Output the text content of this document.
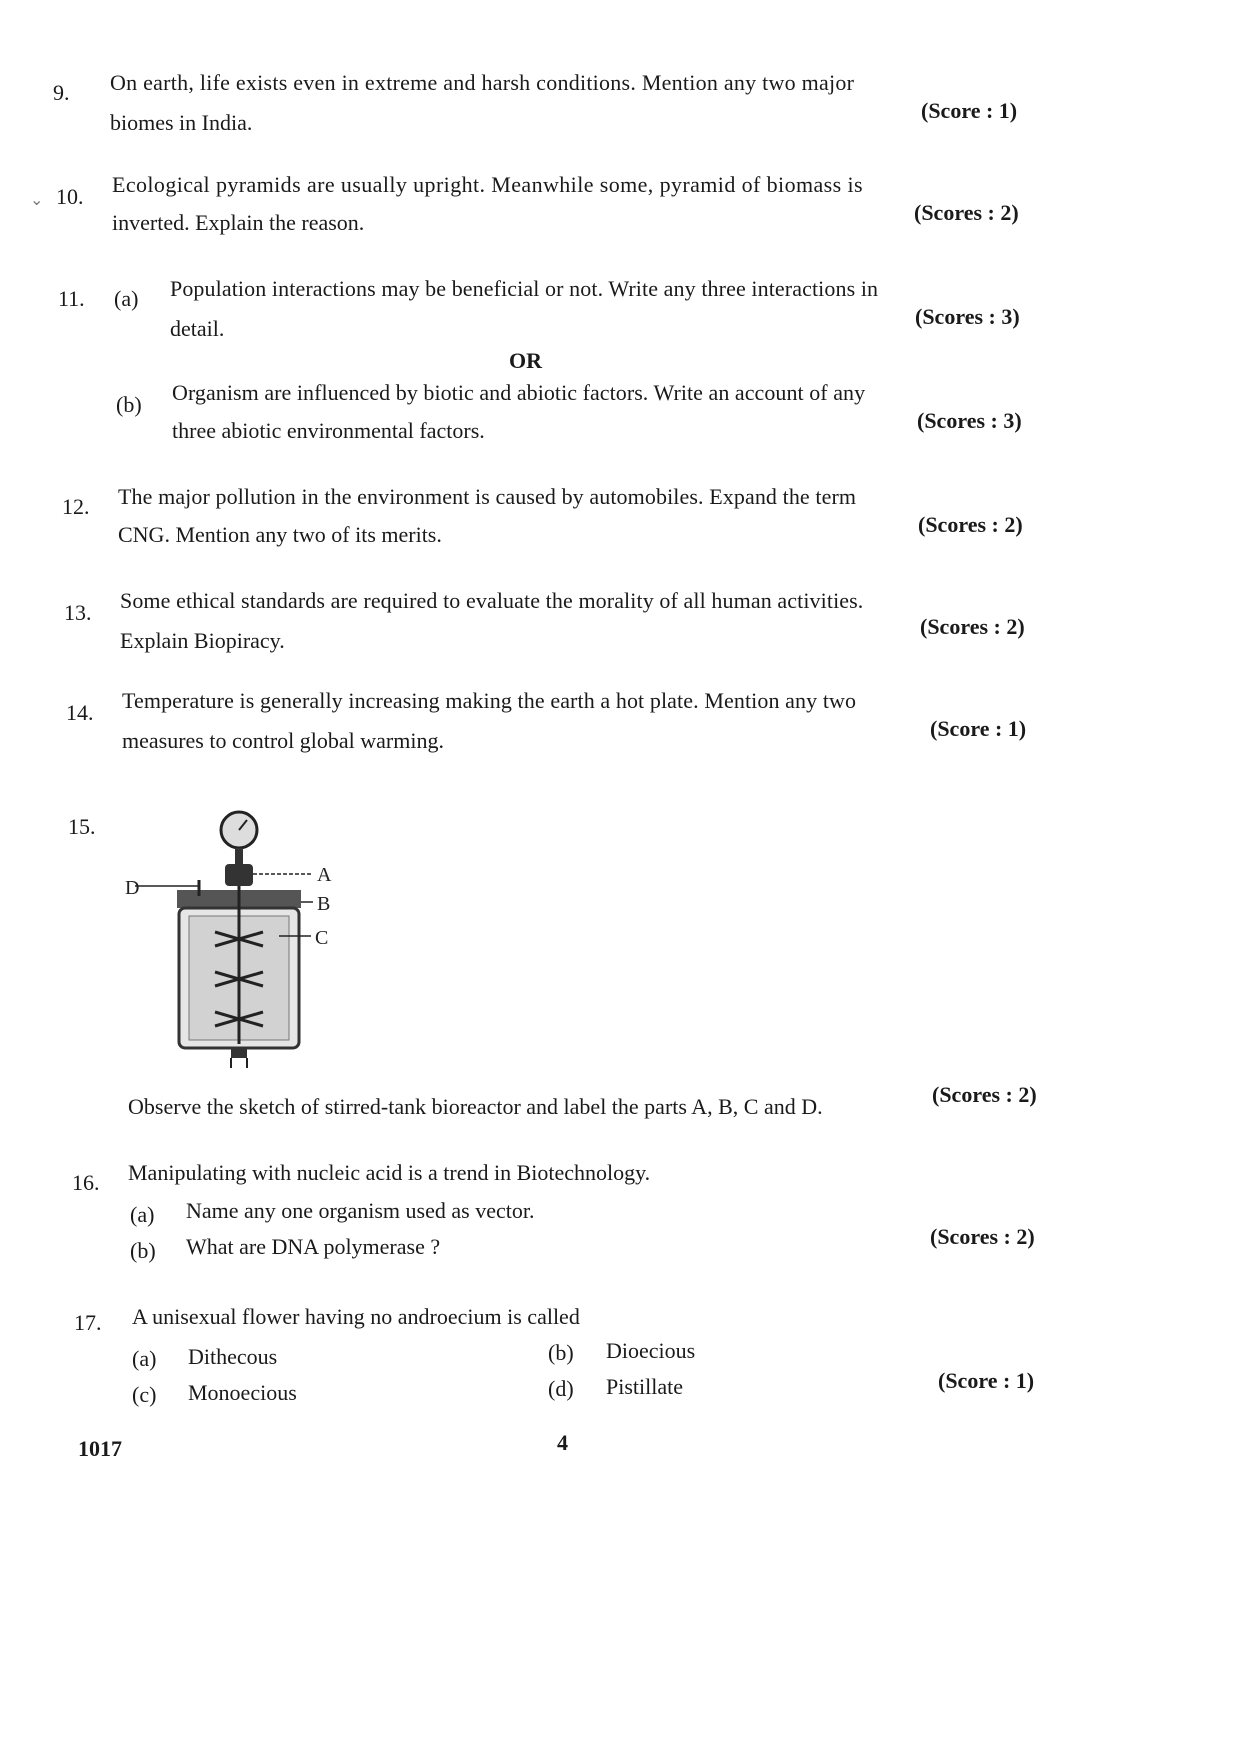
9. On earth, life exists even in extreme and harsh conditions. Mention any two major
biomes in India.	(Score : 1)
⌄ 10. Ecological pyramids are usually upright. Meanwhile some, pyramid of biomass is
inverted. Explain the reason.	(Scores : 2)
11. (a) Population interactions may be beneficial or not. Write any three interactions in
detail.	(Scores : 3)
OR
(b) Organism are influenced by biotic and abiotic factors. Write an account of any
three abiotic environmental factors.	(Scores : 3)
12. The major pollution in the environment is caused by automobiles. Expand the term
CNG. Mention any two of its merits.	(Scores : 2)
13. Some ethical standards are required to evaluate the morality of all human activities.
Explain Biopiracy.
(Scores : 2)
14. Temperature is generally increasing making the earth a hot plate. Mention any two
measures to control global warming.	(Score : 1)
15.
A
B
D
C
Observe the sketch of stirred-tank bioreactor and label the parts A, B, C and D.	(Scores : 2)
16. Manipulating with nucleic acid is a trend in Biotechnology.
(a) Name any one organism used as vector.
(b) What are DNA polymerase ?	(Scores : 2)
17. A unisexual flower having no androecium is called
(a) Dithecous	(b) Dioecious
(c) Monoecious	(d) Pistillate	(Score : 1)
1017	4
